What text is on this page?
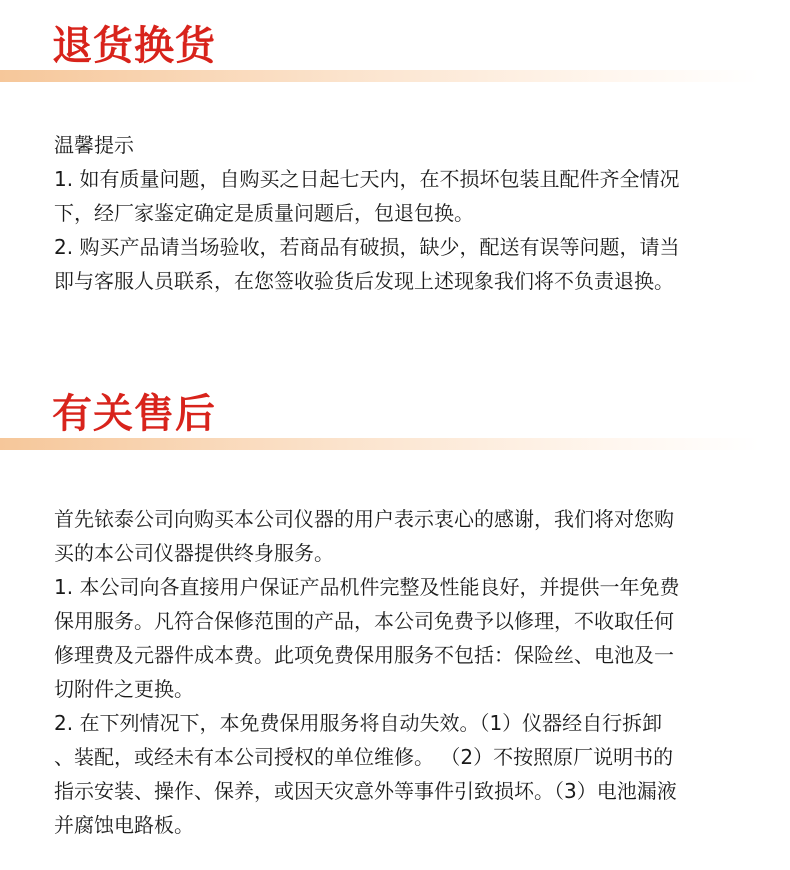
退货换货

温馨提示

1. 如有质量问题，自购买之日起七天内，在不损坏包装且配件齐全情况

下，经厂家鉴定确定是质量问题后，包退包换。

2. 购买产品请当场验收，若商品有破损，缺少，配送有误等问题，请当

即与客服人员联系，在您签收验货后发现上述现象我们将不负责退换。

有关售后

首先铱泰公司向购买本公司仪器的用户表示衷心的感谢，我们将对您购

买的本公司仪器提供终身服务。

1. 本公司向各直接用户保证产品机件完整及性能良好，并提供一年免费

保用服务。凡符合保修范围的产品，本公司免费予以修理，不收取任何

修理费及元器件成本费。此项免费保用服务不包括：保险丝、电池及一

切附件之更换。

2. 在下列情况下，本免费保用服务将自动失效。（1）仪器经自行拆卸

、装配，或经未有本公司授权的单位维修。 （2）不按照原厂说明书的

指示安装、操作、保养，或因天灾意外等事件引致损坏。（3）电池漏液

并腐蚀电路板。
